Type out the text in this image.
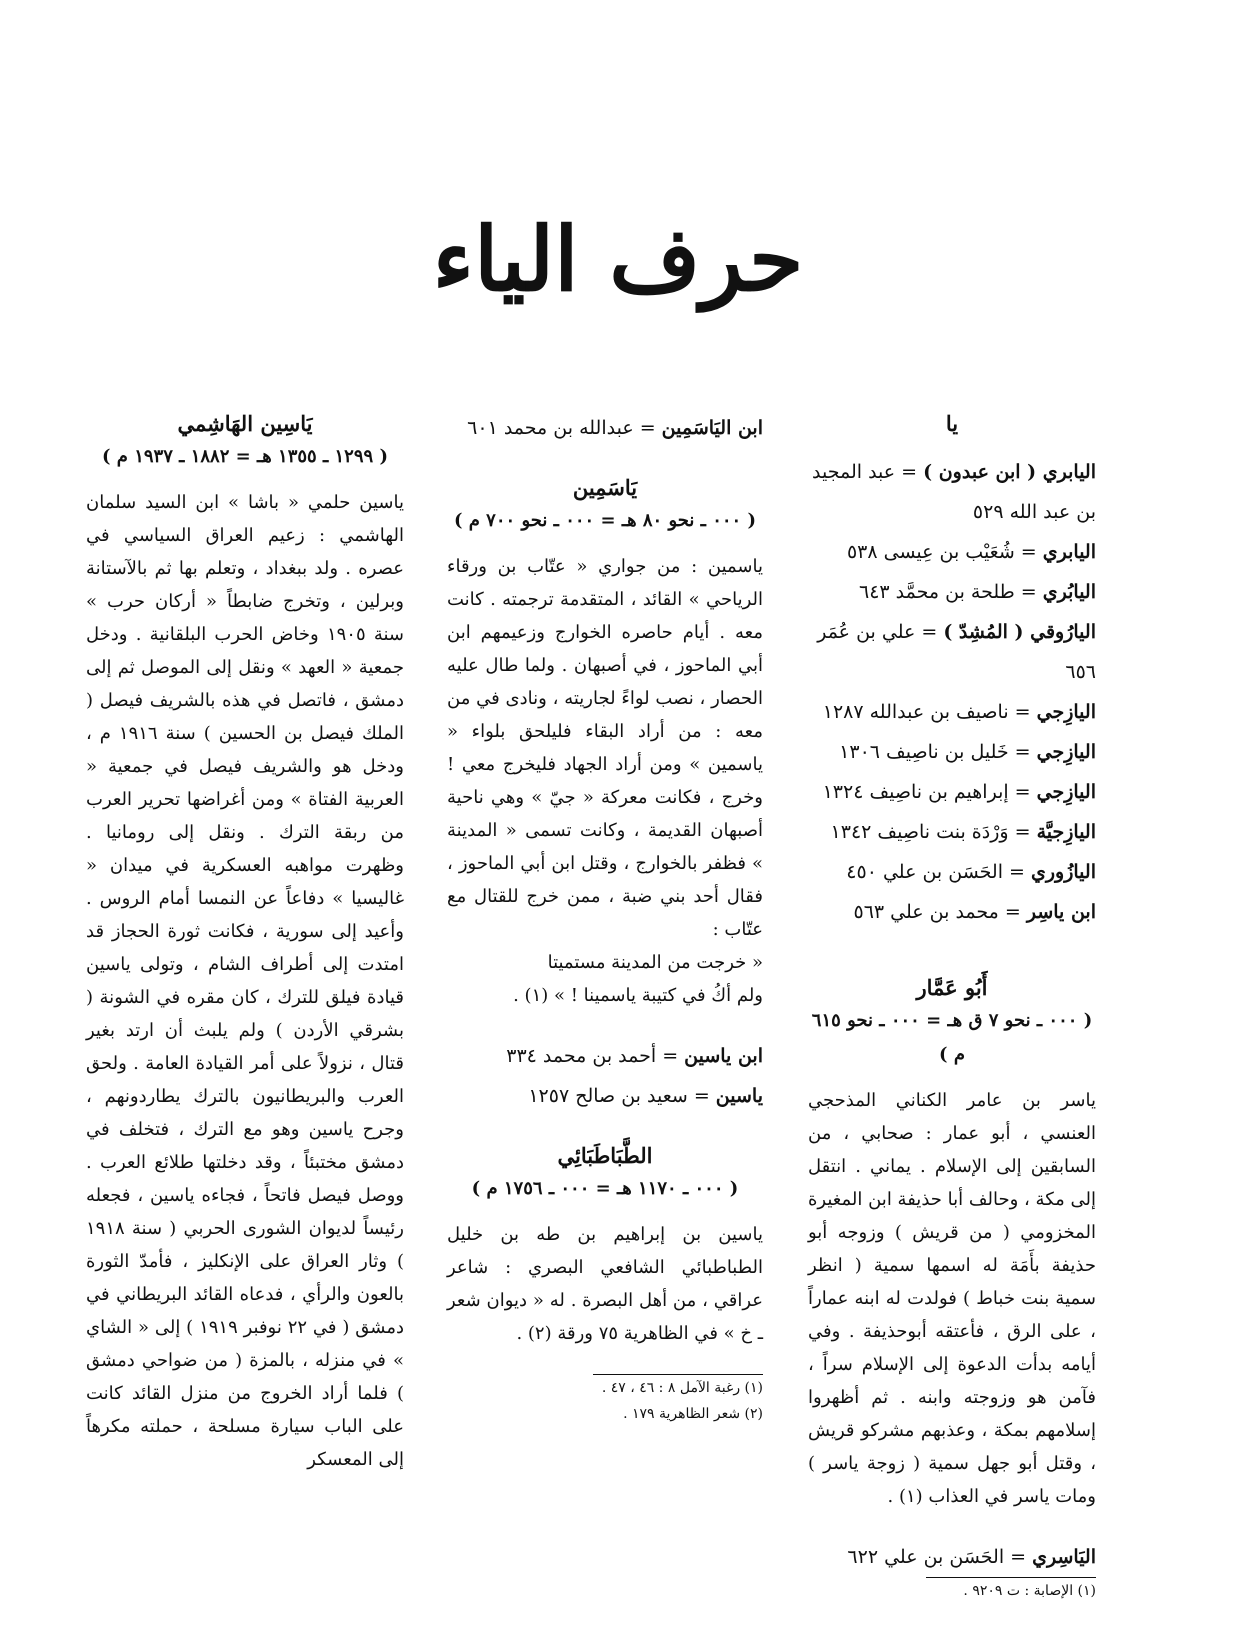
حرف الياء
يا
اليابري ( ابن عبدون ) = عبد المجيد بن عبد الله ٥٢٩
اليابري = شُعَيْب بن عِيسى ٥٣٨
اليابُري = طلحة بن محمَّد ٦٤٣
اليارُوقي ( المُشِدّ ) = علي بن عُمَر ٦٥٦
اليازِجي = ناصيف بن عبدالله ١٢٨٧
اليازِجي = خَليل بن ناصِيف ١٣٠٦
اليازِجي = إبراهيم بن ناصِيف ١٣٢٤
اليازِجيَّة = وَرْدَة بنت ناصِيف ١٣٤٢
اليازُوري = الحَسَن بن علي ٤٥٠
ابن ياسِر = محمد بن علي ٥٦٣
أَبُو عَمَّار
( ٠٠٠ ـ نحو ٧ ق هـ = ٠٠٠ ـ نحو ٦١٥ م )
ياسر بن عامر الكناني المذحجي العنسي ، أبو عمار : صحابي ، من السابقين إلى الإسلام . يماني . انتقل إلى مكة ، وحالف أبا حذيفة ابن المغيرة المخزومي ( من قريش ) وزوجه أبو حذيفة بأَمَة له اسمها سمية ( انظر سمية بنت خباط ) فولدت له ابنه عماراً ، على الرق ، فأعتقه أبوحذيفة . وفي أيامه بدأت الدعوة إلى الإسلام سراً ، فآمن هو وزوجته وابنه . ثم أظهروا إسلامهم بمكة ، وعذبهم مشركو قريش ، وقتل أبو جهل سمية ( زوجة ياسر ) ومات ياسر في العذاب (١) .
اليَاسِري = الحَسَن بن علي ٦٢٢
(١) الإصابة : ت ٩٢٠٩ .
ابن اليَاسَمِين = عبدالله بن محمد ٦٠١
يَاسَمِين
( ٠٠٠ ـ نحو ٨٠ هـ = ٠٠٠ ـ نحو ٧٠٠ م )
ياسمين : من جواري « عتّاب بن ورقاء الرياحي » القائد ، المتقدمة ترجمته . كانت معه . أيام حاصره الخوارج وزعيمهم ابن أبي الماحوز ، في أصبهان . ولما طال عليه الحصار ، نصب لواءً لجاريته ، ونادى في من معه : من أراد البقاء فليلحق بلواء « ياسمين » ومن أراد الجهاد فليخرج معي ! وخرج ، فكانت معركة « جيّ » وهي ناحية أصبهان القديمة ، وكانت تسمى « المدينة » فظفر بالخوارج ، وقتل ابن أبي الماحوز ، فقال أحد بني ضبة ، ممن خرج للقتال مع عتّاب :
« خرجت من المدينة مستميتا
ولم أكُ في كتيبة ياسمينا ! » (١) .
ابن ياسين = أحمد بن محمد ٣٣٤
ياسين = سعيد بن صالح ١٢٥٧
الطَّبَاطَبَائِي
( ٠٠٠ ـ ١١٧٠ هـ = ٠٠٠ ـ ١٧٥٦ م )
ياسين بن إبراهيم بن طه بن خليل الطباطبائي الشافعي البصري : شاعر عراقي ، من أهل البصرة . له « ديوان شعر ـ خ » في الظاهرية ٧٥ ورقة (٢) .
(١) رغبة الآمل ٨ : ٤٦ ، ٤٧ .
(٢) شعر الظاهرية ١٧٩ .
يَاسِين الهَاشِمي
( ١٢٩٩ ـ ١٣٥٥ هـ = ١٨٨٢ ـ ١٩٣٧ م )
ياسين حلمي « باشا » ابن السيد سلمان الهاشمي : زعيم العراق السياسي في عصره . ولد ببغداد ، وتعلم بها ثم بالآستانة وبرلين ، وتخرج ضابطاً « أركان حرب » سنة ١٩٠٥ وخاض الحرب البلقانية . ودخل جمعية « العهد » ونقل إلى الموصل ثم إلى دمشق ، فاتصل في هذه بالشريف فيصل ( الملك فيصل بن الحسين ) سنة ١٩١٦ م ، ودخل هو والشريف فيصل في جمعية « العربية الفتاة » ومن أغراضها تحرير العرب من ربقة الترك . ونقل إلى رومانيا . وظهرت مواهبه العسكرية في ميدان « غاليسيا » دفاعاً عن النمسا أمام الروس . وأعيد إلى سورية ، فكانت ثورة الحجاز قد امتدت إلى أطراف الشام ، وتولى ياسين قيادة فيلق للترك ، كان مقره في الشونة ( بشرقي الأردن ) ولم يلبث أن ارتد بغير قتال ، نزولاً على أمر القيادة العامة . ولحق العرب والبريطانيون بالترك يطاردونهم ، وجرح ياسين وهو مع الترك ، فتخلف في دمشق مختبئاً ، وقد دخلتها طلائع العرب . ووصل فيصل فاتحاً ، فجاءه ياسين ، فجعله رئيساً لديوان الشورى الحربي ( سنة ١٩١٨ ) وثار العراق على الإنكليز ، فأمدّ الثورة بالعون والرأي ، فدعاه القائد البريطاني في دمشق ( في ٢٢ نوفبر ١٩١٩ ) إلى « الشاي » في منزله ، بالمزة ( من ضواحي دمشق ) فلما أراد الخروج من منزل القائد كانت على الباب سيارة مسلحة ، حملته مكرهاً إلى المعسكر
